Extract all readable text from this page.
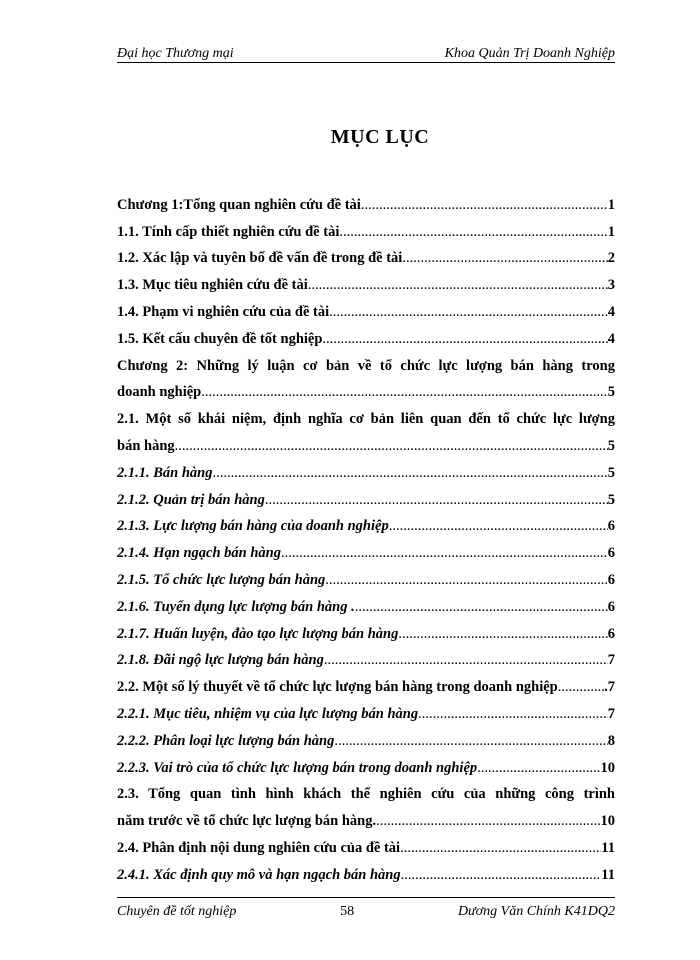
Đại học Thương mại	Khoa Quản Trị Doanh Nghiệp
MỤC LỤC
Chương 1:Tổng quan nghiên cứu đề tài .....	1
1.1. Tính cấp thiết nghiên cứu đề tài .....	1
1.2. Xác lập và tuyên bố đề vấn đề trong đề tài .....	2
1.3. Mục tiêu nghiên cứu đề tài .....	3
1.4. Phạm vi nghiên cứu của đề tài .....	4
1.5. Kết cấu chuyên đề tốt nghiệp .....	4
Chương 2: Những lý luận cơ bản về tổ chức lực lượng bán hàng trong
doanh nghiệp .....	5
2.1. Một số khái niệm, định nghĩa cơ bản liên quan đến tổ chức lực lượng
bán hàng .....	5
2.1.1. Bán hàng .....	5
2.1.2. Quản trị bán hàng .....	5
2.1.3. Lực lượng bán hàng của doanh nghiệp .....	6
2.1.4. Hạn ngạch bán hàng .....	6
2.1.5. Tổ chức lực lượng bán hàng .....	6
2.1.6. Tuyển dụng lực lượng bán hàng . .....	6
2.1.7. Huấn luyện, đào tạo lực lượng bán hàng .....	6
2.1.8. Đãi ngộ lực lượng bán hàng .....	7
2.2. Một số lý thuyết về tổ chức lực lượng bán hàng trong doanh nghiệp .....	.7
2.2.1. Mục tiêu, nhiệm vụ của lực lượng bán hàng .....	7
2.2.2. Phân loại lực lượng bán hàng .....	8
2.2.3. Vai trò của tổ chức lực lượng bán trong doanh nghiệp .....	10
2.3. Tổng quan tình hình khách thể nghiên cứu của những công trình
năm trước về tổ chức lực lượng bán hàng. .....	10
2.4. Phân định nội dung nghiên cứu của đề tài .....	11
2.4.1. Xác định quy mô và hạn ngạch bán hàng .....	11
Chuyên đề tốt nghiệp	58	Dương Văn Chính K41DQ2
